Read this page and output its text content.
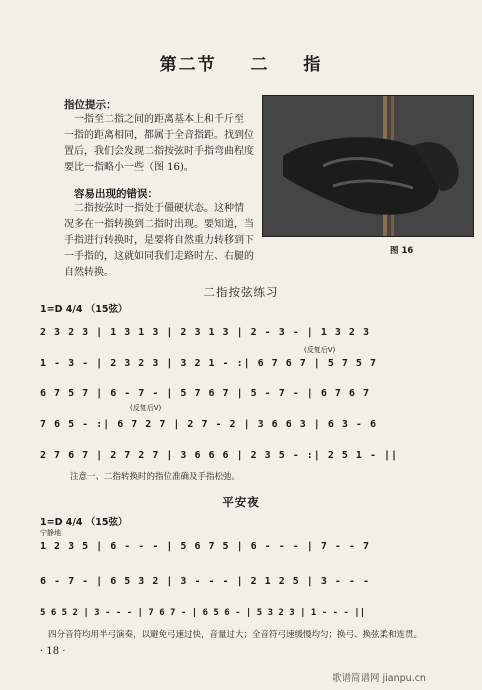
第二节 二 指
指位提示：

一指至二指之间的距离基本上和千斤至

一指的距离相同，都属于全音指距。找到位

置后，我们会发现二指按弦时手指弯曲程度

要比一指略小一些（图 16)。

容易出现的错误：

二指按弦时一指处于僵硬状态。这种情

况多在一指转换到二指时出现。要知道，当

手指进行转换时，是要将自然重力转移到下

一手指的，这就如同我们走路时左、右腿的

自然转换。

图 16
二指按弦练习
1=D 4/4 （15弦）
(反复后V)
(反复后V)
2 3 2 3 | 1 3 1 3 | 2 3 1 3 | 2 - 3 - | 1 3 2 3
1 - 3 - | 2 3 2 3 | 3 2 1 - :| 6 7 6 7 | 5 7 5 7
6 7 5 7 | 6 - 7 - | 5 7 6 7 | 5 - 7 - | 6 7 6 7
7 6 5 - :| 6 7 2 7 | 2 7 - 2 | 3 6 6 3 | 6 3 - 6
2 7 6 7 | 2 7 2 7 | 3 6 6 6 | 2 3 5 - :| 2 5 1 - ||
注意一、二指转换时的指位准确及手指松弛。
平安夜
1=D 4/4 （15弦）
宁静地
1 2 3 5 | 6 - - - | 5 6 7 5 | 6 - - - | 7 - - 7
6 - 7 - | 6 5 3 2 | 3 - - - | 2 1 2 5 | 3 - - -
5 6 5 2 | 3 - - - | 7 6 7 - | 6 5 6 - | 5 3 2 3 | 1 - - - ||
四分音符均用半弓演奏，以避免弓速过快，音量过大；全音符弓速缓慢均匀；换弓、换弦柔和连贯。
· 18 ·
歌谱简谱网 jianpu.cn
